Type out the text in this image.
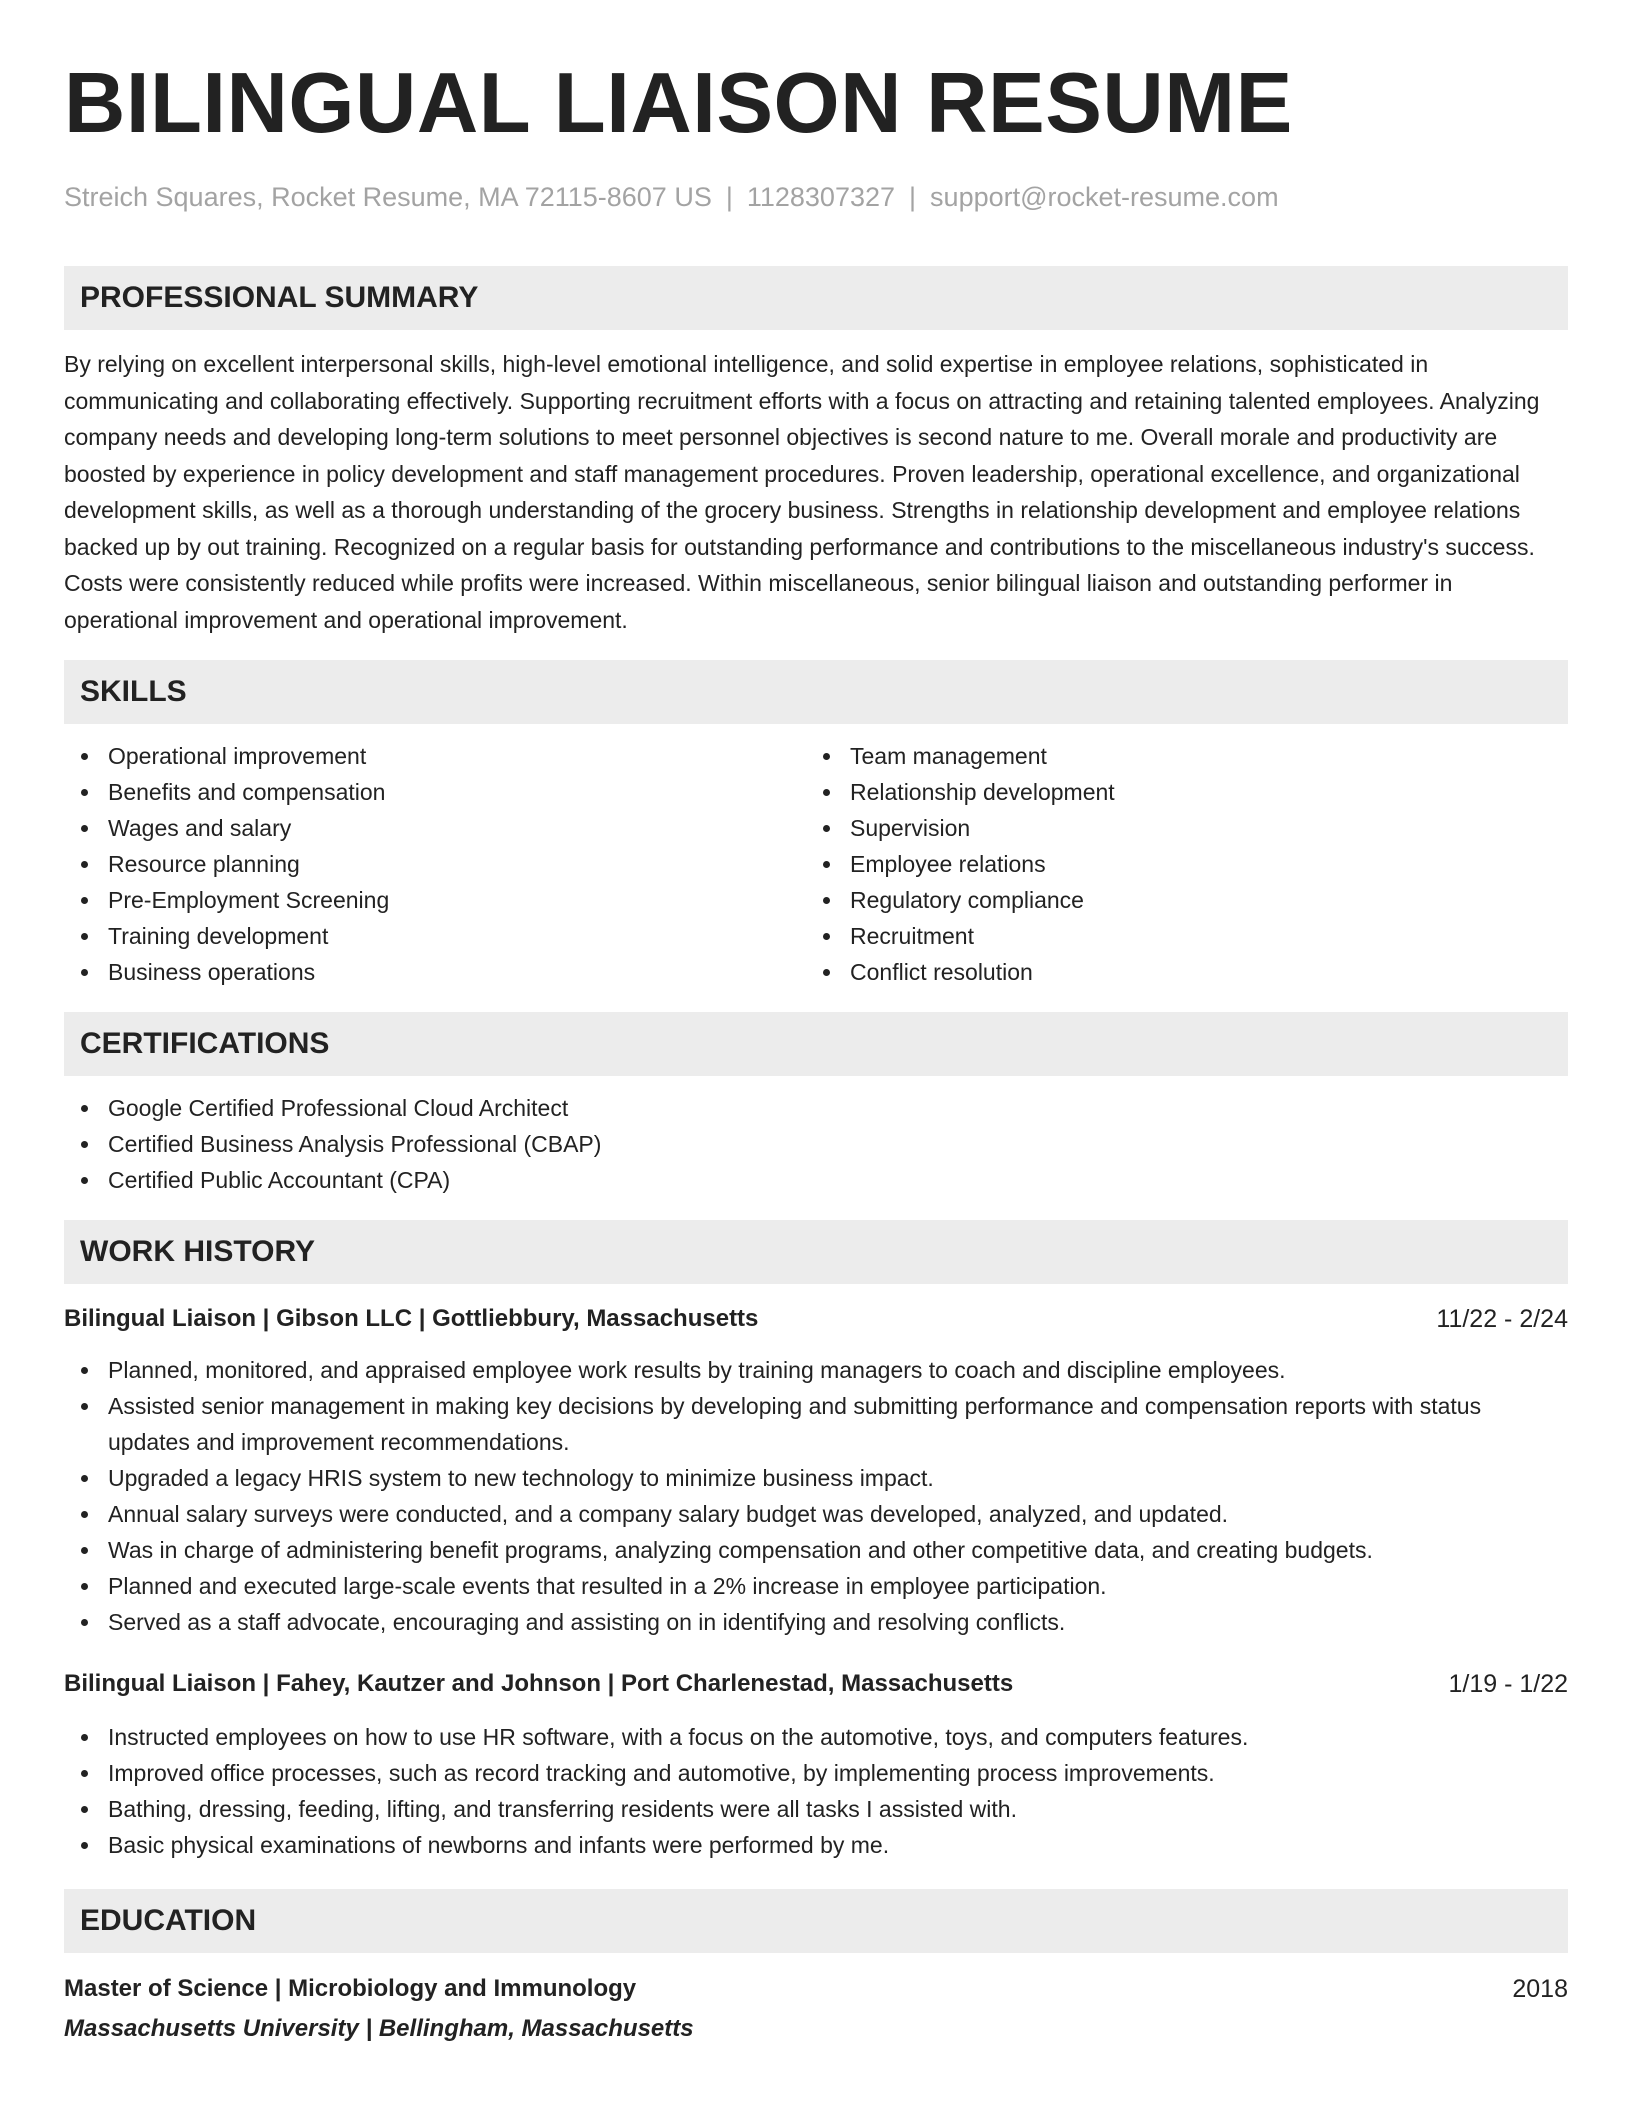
BILINGUAL LIAISON RESUME
Streich Squares, Rocket Resume, MA 72115-8607 US | 1128307327 | support@rocket-resume.com
PROFESSIONAL SUMMARY

By relying on excellent interpersonal skills, high-level emotional intelligence, and solid expertise in employee relations, sophisticated in communicating and collaborating effectively. Supporting recruitment efforts with a focus on attracting and retaining talented employees. Analyzing company needs and developing long-term solutions to meet personnel objectives is second nature to me. Overall morale and productivity are boosted by experience in policy development and staff management procedures. Proven leadership, operational excellence, and organizational development skills, as well as a thorough understanding of the grocery business. Strengths in relationship development and employee relations backed up by out training. Recognized on a regular basis for outstanding performance and contributions to the miscellaneous industry's success. Costs were consistently reduced while profits were increased. Within miscellaneous, senior bilingual liaison and outstanding performer in operational improvement and operational improvement.

SKILLS
Operational improvement
Benefits and compensation
Wages and salary
Resource planning
Pre-Employment Screening
Training development
Business operations
Team management
Relationship development
Supervision
Employee relations
Regulatory compliance
Recruitment
Conflict resolution
CERTIFICATIONS
Google Certified Professional Cloud Architect
Certified Business Analysis Professional (CBAP)
Certified Public Accountant (CPA)
WORK HISTORY
Bilingual Liaison | Gibson LLC | Gottliebbury, Massachusetts	11/22 - 2/24
Planned, monitored, and appraised employee work results by training managers to coach and discipline employees.
Assisted senior management in making key decisions by developing and submitting performance and compensation reports with status updates and improvement recommendations.
Upgraded a legacy HRIS system to new technology to minimize business impact.
Annual salary surveys were conducted, and a company salary budget was developed, analyzed, and updated.
Was in charge of administering benefit programs, analyzing compensation and other competitive data, and creating budgets.
Planned and executed large-scale events that resulted in a 2% increase in employee participation.
Served as a staff advocate, encouraging and assisting on in identifying and resolving conflicts.
Bilingual Liaison | Fahey, Kautzer and Johnson | Port Charlenestad, Massachusetts	1/19 - 1/22
Instructed employees on how to use HR software, with a focus on the automotive, toys, and computers features.
Improved office processes, such as record tracking and automotive, by implementing process improvements.
Bathing, dressing, feeding, lifting, and transferring residents were all tasks I assisted with.
Basic physical examinations of newborns and infants were performed by me.
EDUCATION
Master of Science | Microbiology and Immunology	2018
Massachusetts University | Bellingham, Massachusetts
